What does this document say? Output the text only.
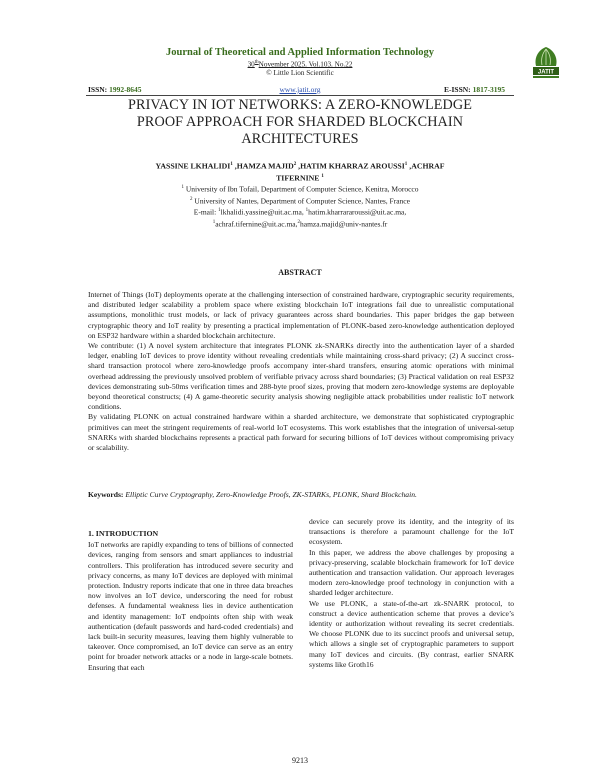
Journal of Theoretical and Applied Information Technology
30thNovember 2025. Vol.103. No.22
© Little Lion Scientific	JATIT
ISSN: 1992-8645	www.jatit.org	E-ISSN: 1817-3195
PRIVACY IN IOT NETWORKS: A ZERO-KNOWLEDGE
PROOF APPROACH FOR SHARDED BLOCKCHAIN
ARCHITECTURES
YASSINE LKHALIDI$^1$ ,HAMZA MAJID$^2$ ,HATIM KHARRAZ AROUSSI$^1$ ,ACHRAF
TIFERNINE $^1$
$^1$ University of Ibn Tofail, Department of Computer Science, Kenitra, Morocco
$^2$ University of Nantes, Department of Computer Science, Nantes, France
E-mail: $^1$lkhalidi.yassine@uit.ac.ma, $^1$hatim.kharrararoussi@uit.ac.ma,
$^1$achraf.tifernine@uit.ac.ma,$^2$hamza.majid@univ-nantes.fr
ABSTRACT

Internet of Things (IoT) deployments operate at the challenging intersection of constrained hardware, cryptographic security requirements, and distributed ledger scalability a problem space where existing blockchain IoT integrations fail due to unrealistic computational assumptions, monolithic trust models, or lack of privacy guarantees across shard boundaries. This paper bridges the gap between cryptographic theory and IoT reality by presenting a practical implementation of PLONK-based zero-knowledge authentication deployed on ESP32 hardware within a sharded blockchain architecture.

We contribute: (1) A novel system architecture that integrates PLONK zk-SNARKs directly into the authentication layer of a sharded ledger, enabling IoT devices to prove identity without revealing credentials while maintaining cross-shard privacy; (2) A succinct cross-shard transaction protocol where zero-knowledge proofs accompany inter-shard transfers, ensuring atomic operations with minimal overhead addressing the previously unsolved problem of verifiable privacy across shard boundaries; (3) Practical validation on real ESP32 devices demonstrating sub-50ms verification times and 288-byte proof sizes, proving that modern zero-knowledge systems are deployable beyond theoretical constructs; (4) A game-theoretic security analysis showing negligible attack probabilities under realistic IoT network conditions.

By validating PLONK on actual constrained hardware within a sharded architecture, we demonstrate that sophisticated cryptographic primitives can meet the stringent requirements of real-world IoT ecosystems. This work establishes that the integration of universal-setup SNARKs with sharded blockchains represents a practical path forward for securing billions of IoT devices without compromising privacy or scalability.

Keywords: Elliptic Curve Cryptography, Zero-Knowledge Proofs, ZK-STARKs, PLONK, Shard Blockchain.

1. INTRODUCTION

IoT networks are rapidly expanding to tens of billions of connected devices, ranging from sensors and smart appliances to industrial controllers. This proliferation has introduced severe security and privacy concerns, as many IoT devices are deployed with minimal protection. Industry reports indicate that one in three data breaches now involves an IoT device, underscoring the need for robust defenses. A fundamental weakness lies in device authentication and identity management: IoT endpoints often ship with weak authentication (default passwords and hard-coded credentials) and lack built-in security measures, leaving them highly vulnerable to takeover. Once compromised, an IoT device can serve as an entry point for broader network attacks or a node in large-scale botnets. Ensuring that each

device can securely prove its identity, and the integrity of its transactions is therefore a paramount challenge for the IoT ecosystem.

In this paper, we address the above challenges by proposing a privacy-preserving, scalable blockchain framework for IoT device authentication and transaction validation. Our approach leverages modern zero-knowledge proof technology in conjunction with a sharded ledger architecture.

We use PLONK, a state-of-the-art zk-SNARK protocol, to construct a device authentication scheme that proves a device’s identity or authorization without revealing its secret credentials. We choose PLONK due to its succinct proofs and universal setup, which allows a single set of cryptographic parameters to support many IoT devices and circuits. (By contrast, earlier SNARK systems like Groth16

9213
